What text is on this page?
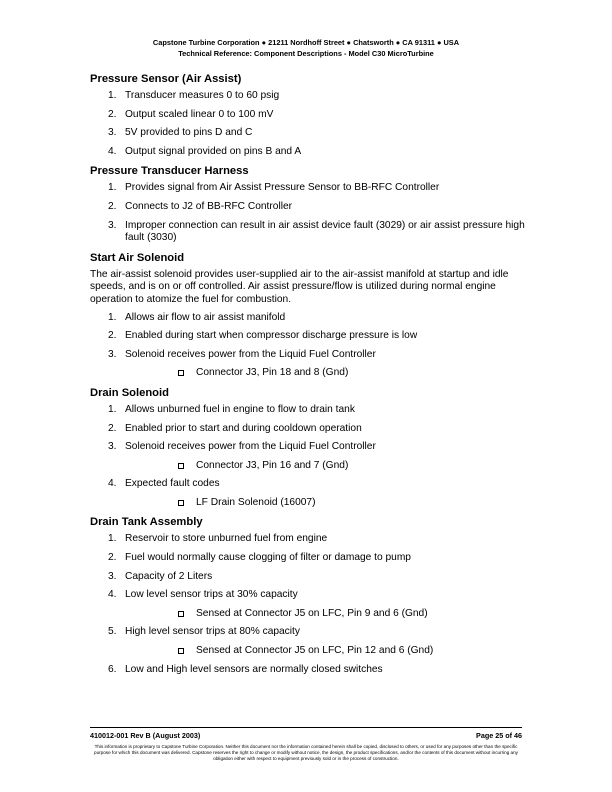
Capstone Turbine Corporation ● 21211 Nordhoff Street ● Chatsworth ● CA 91311 ● USA
Technical Reference: Component Descriptions - Model C30 MicroTurbine
Pressure Sensor (Air Assist)
1. Transducer measures 0 to 60 psig
2. Output scaled linear 0 to 100 mV
3. 5V provided to pins D and C
4. Output signal provided on pins B and A
Pressure Transducer Harness
1. Provides signal from Air Assist Pressure Sensor to BB-RFC Controller
2. Connects to J2 of BB-RFC Controller
3. Improper connection can result in air assist device fault (3029) or air assist pressure high fault (3030)
Start Air Solenoid

The air-assist solenoid provides user-supplied air to the air-assist manifold at startup and idle speeds, and is on or off controlled. Air assist pressure/flow is utilized during normal engine operation to atomize the fuel for combustion.

1. Allows air flow to air assist manifold
2. Enabled during start when compressor discharge pressure is low
3. Solenoid receives power from the Liquid Fuel Controller
Connector J3, Pin 18 and 8 (Gnd)
Drain Solenoid
1. Allows unburned fuel in engine to flow to drain tank
2. Enabled prior to start and during cooldown operation
3. Solenoid receives power from the Liquid Fuel Controller
Connector J3, Pin 16 and 7 (Gnd)
4. Expected fault codes
LF Drain Solenoid (16007)
Drain Tank Assembly
1. Reservoir to store unburned fuel from engine
2. Fuel would normally cause clogging of filter or damage to pump
3. Capacity of 2 Liters
4. Low level sensor trips at 30% capacity
Sensed at Connector J5 on LFC, Pin 9 and 6 (Gnd)
5. High level sensor trips at 80% capacity
Sensed at Connector J5 on LFC, Pin 12 and 6 (Gnd)
6. Low and High level sensors are normally closed switches
410012-001 Rev B (August 2003)	Page 25 of 46
This information is proprietary to Capstone Turbine Corporation. Neither this document nor the information contained herein shall be copied, disclosed to others, or used for any purposes other than the specific purpose for which this document was delivered. Capstone reserves the right to change or modify without notice, the design, the product specifications, and/or the contents of this document without incurring any obligation either with respect to equipment previously sold or in the process of construction.
